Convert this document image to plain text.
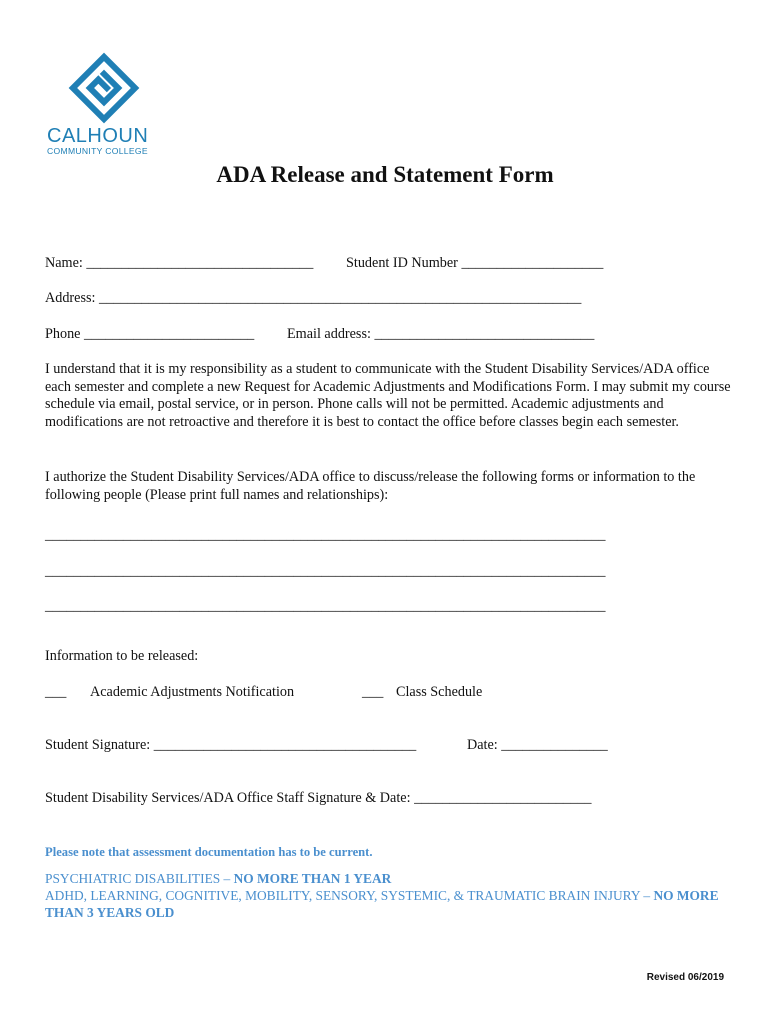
CALHOUN
COMMUNITY COLLEGE
ADA Release and Statement Form
Name: ________________________________ Student ID Number ____________________
Address: ____________________________________________________________________
Phone ________________________ Email address: _______________________________
I understand that it is my responsibility as a student to communicate with the Student Disability Services/ADA office each semester and complete a new Request for Academic Adjustments and Modifications Form. I may submit my course schedule via email, postal service, or in person. Phone calls will not be permitted. Academic adjustments and modifications are not retroactive and therefore it is best to contact the office before classes begin each semester.
I authorize the Student Disability Services/ADA office to discuss/release the following forms or information to the following people (Please print full names and relationships):
_______________________________________________________________________________
_______________________________________________________________________________
_______________________________________________________________________________
Information to be released:
___ Academic Adjustments Notification	___ Class Schedule
Student Signature: _____________________________________	Date: _______________
Student Disability Services/ADA Office Staff Signature & Date: _________________________
Please note that assessment documentation has to be current.
PSYCHIATRIC DISABILITIES – NO MORE THAN 1 YEAR
ADHD, LEARNING, COGNITIVE, MOBILITY, SENSORY, SYSTEMIC, & TRAUMATIC BRAIN INJURY – NO MORE THAN 3 YEARS OLD
Revised 06/2019
